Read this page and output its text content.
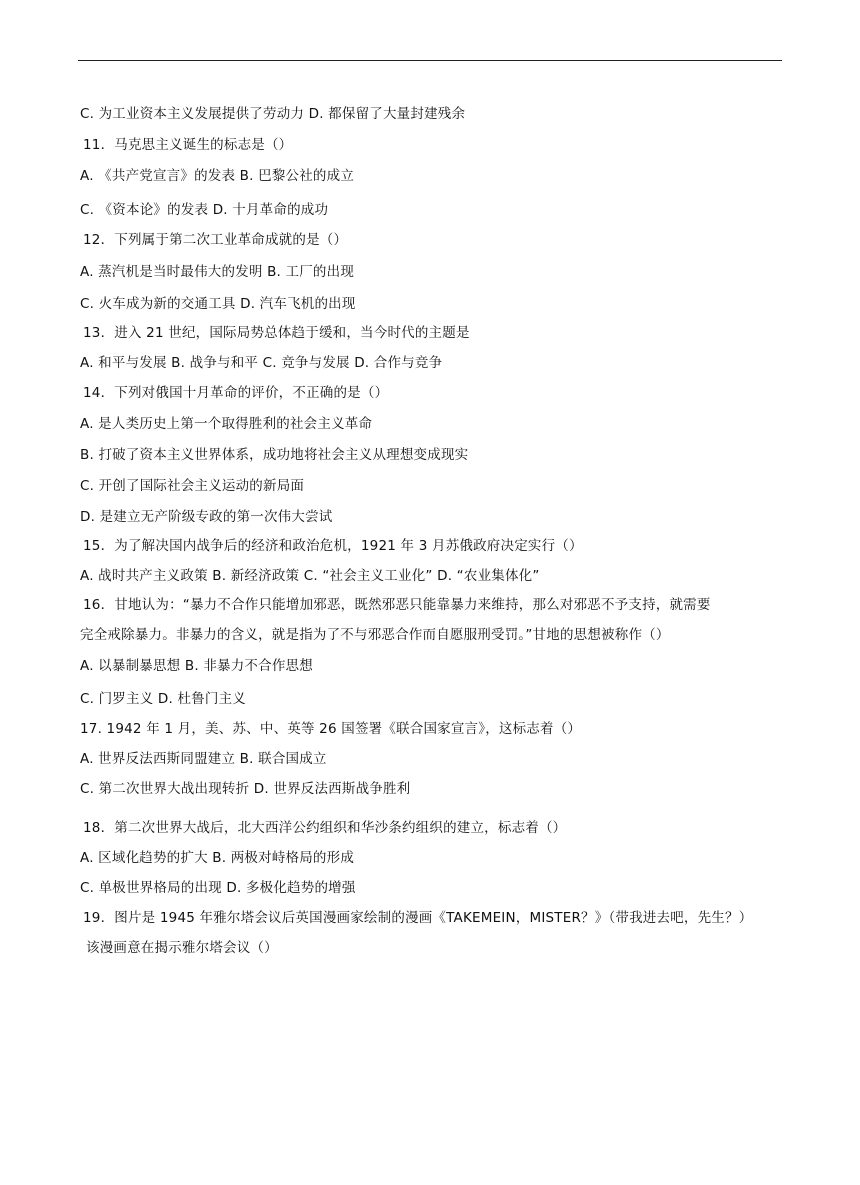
C. 为工业资本主义发展提供了劳动力 D. 都保留了大量封建残余
11．马克思主义诞生的标志是（）
A. 《共产党宣言》的发表 B. 巴黎公社的成立
C. 《资本论》的发表 D. 十月革命的成功
12．下列属于第二次工业革命成就的是（）
A. 蒸汽机是当时最伟大的发明 B. 工厂的出现
C. 火车成为新的交通工具 D. 汽车飞机的出现
13．进入 21 世纪，国际局势总体趋于缓和，当今时代的主题是
A. 和平与发展 B. 战争与和平 C. 竞争与发展 D. 合作与竞争
14．下列对俄国十月革命的评价，不正确的是（）
A. 是人类历史上第一个取得胜利的社会主义革命
B. 打破了资本主义世界体系，成功地将社会主义从理想变成现实
C. 开创了国际社会主义运动的新局面
D. 是建立无产阶级专政的第一次伟大尝试
15．为了解决国内战争后的经济和政治危机，1921 年 3 月苏俄政府决定实行（）
A. 战时共产主义政策 B. 新经济政策 C. “社会主义工业化” D. “农业集体化”
16．甘地认为：“暴力不合作只能增加邪恶，既然邪恶只能靠暴力来维持，那么对邪恶不予支持，就需要
完全戒除暴力。非暴力的含义，就是指为了不与邪恶合作而自愿服刑受罚。”甘地的思想被称作（）
A. 以暴制暴思想 B. 非暴力不合作思想
C. 门罗主义 D. 杜鲁门主义
17. 1942 年 1 月，美、苏、中、英等 26 国签署《联合国家宣言》，这标志着（）
A. 世界反法西斯同盟建立 B. 联合国成立
C. 第二次世界大战出现转折 D. 世界反法西斯战争胜利
18．第二次世界大战后，北大西洋公约组织和华沙条约组织的建立，标志着（）
A. 区域化趋势的扩大 B. 两极对峙格局的形成
C. 单极世界格局的出现 D. 多极化趋势的增强
19．图片是 1945 年雅尔塔会议后英国漫画家绘制的漫画《TAKEMEIN，MISTER？》（带我进去吧，先生？）
该漫画意在揭示雅尔塔会议（）
